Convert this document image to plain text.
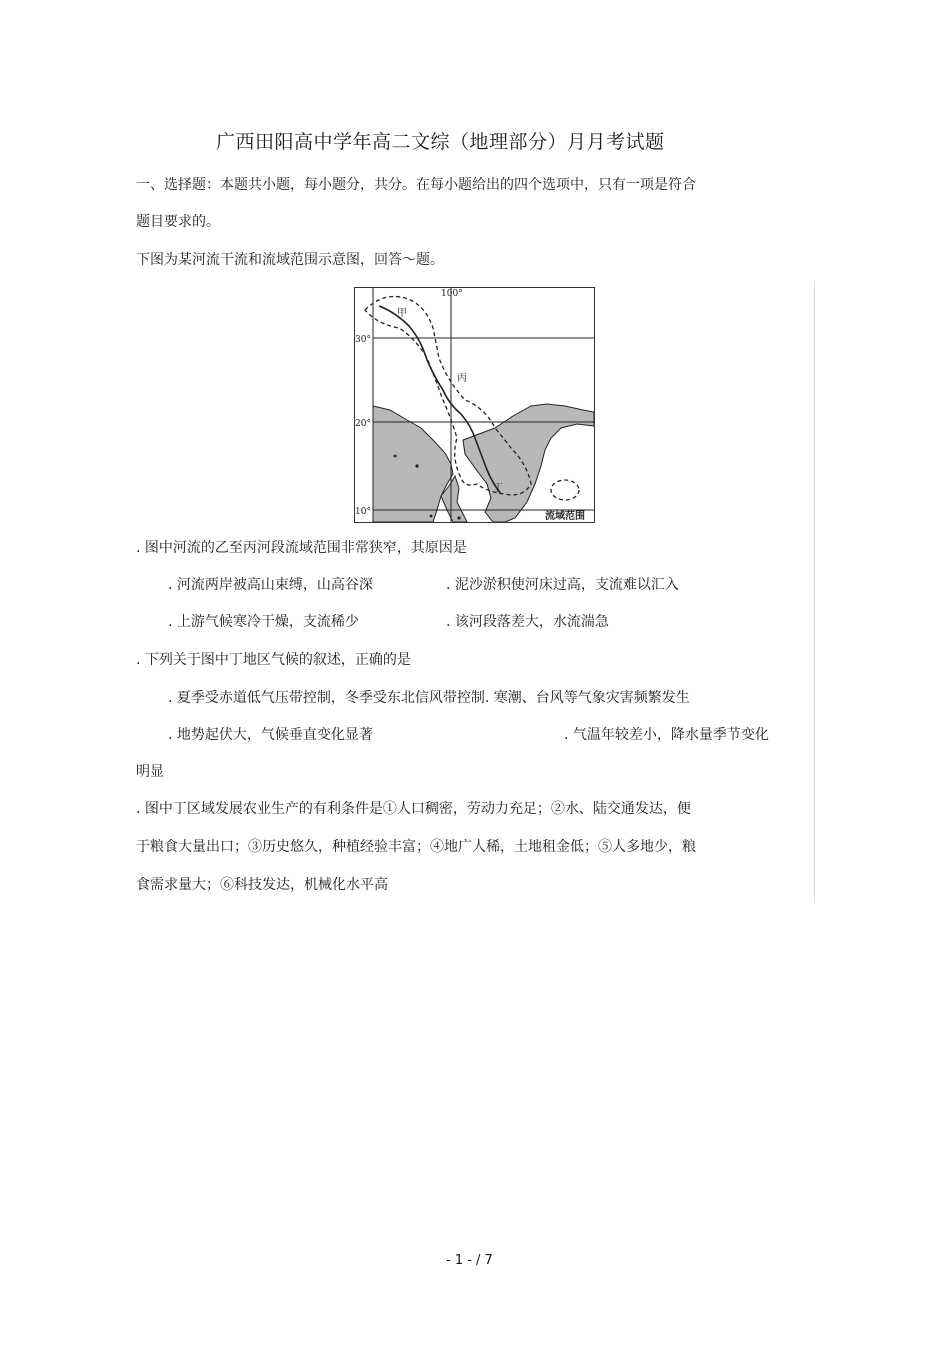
广西田阳高中学年高二文综（地理部分）月月考试题
一、选择题：本题共小题，每小题分，共分。在每小题给出的四个选项中，只有一项是符合
题目要求的。
下图为某河流干流和流域范围示意图，回答～题。
100°
30°
20°
10°
甲
丙
丁
流域范围
. 图中河流的乙至丙河段流域范围非常狭窄，其原因是
. 河流两岸被高山束缚，山高谷深	. 泥沙淤积使河床过高，支流难以汇入
. 上游气候寒冷干燥，支流稀少	. 该河段落差大，水流湍急
. 下列关于图中丁地区气候的叙述，正确的是
. 夏季受赤道低气压带控制，冬季受东北信风带控制. 寒潮、台风等气象灾害频繁发生
. 地势起伏大，气候垂直变化显著	. 气温年较差小，降水量季节变化
明显
. 图中丁区域发展农业生产的有利条件是①人口稠密，劳动力充足；②水、陆交通发达，便
于粮食大量出口；③历史悠久，种植经验丰富；④地广人稀，土地租金低；⑤人多地少，粮
食需求量大；⑥科技发达，机械化水平高
- 1 - / 7
